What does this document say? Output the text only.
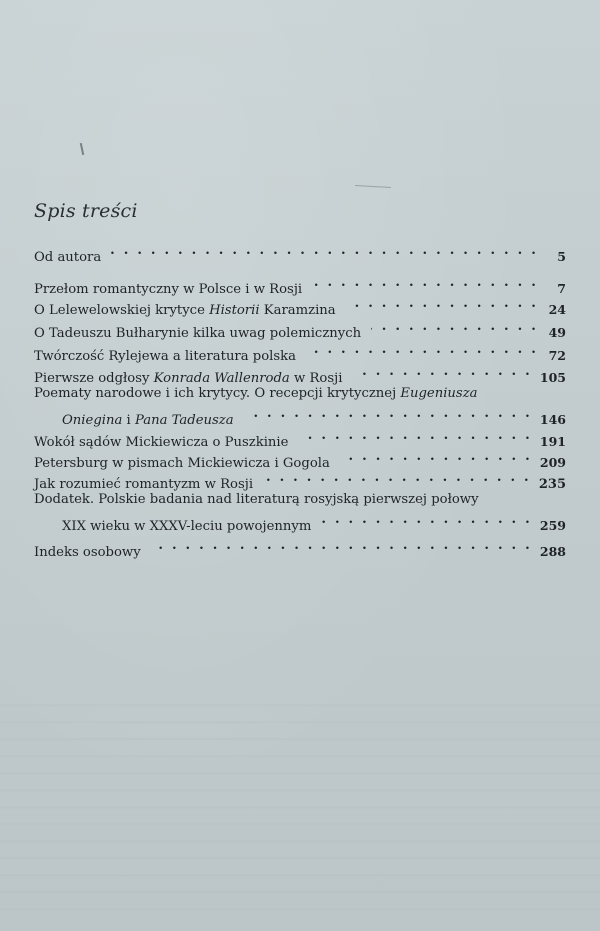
Spis treści
Od autora . .	5
Przełom romantyczny w Polsce i w Rosji . .	7
O Lelewelowskiej krytyce Historii Karamzina . .	24
O Tadeuszu Bułharynie kilka uwag polemicznych . .	49
Twórczość Rylejewa a literatura polska . .	72
Pierwsze odgłosy Konrada Wallenroda w Rosji . .	105
Poematy narodowe i ich krytycy. O recepcji krytycznej Eugeniusza
Oniegina i Pana Tadeusza . .	146
Wokół sądów Mickiewicza o Puszkinie . .	191
Petersburg w pismach Mickiewicza i Gogola . .	209
Jak rozumieć romantyzm w Rosji . .	235
Dodatek. Polskie badania nad literaturą rosyjską pierwszej połowy
XIX wieku w XXXV-leciu powojennym . .	259
Indeks osobowy . .	288
